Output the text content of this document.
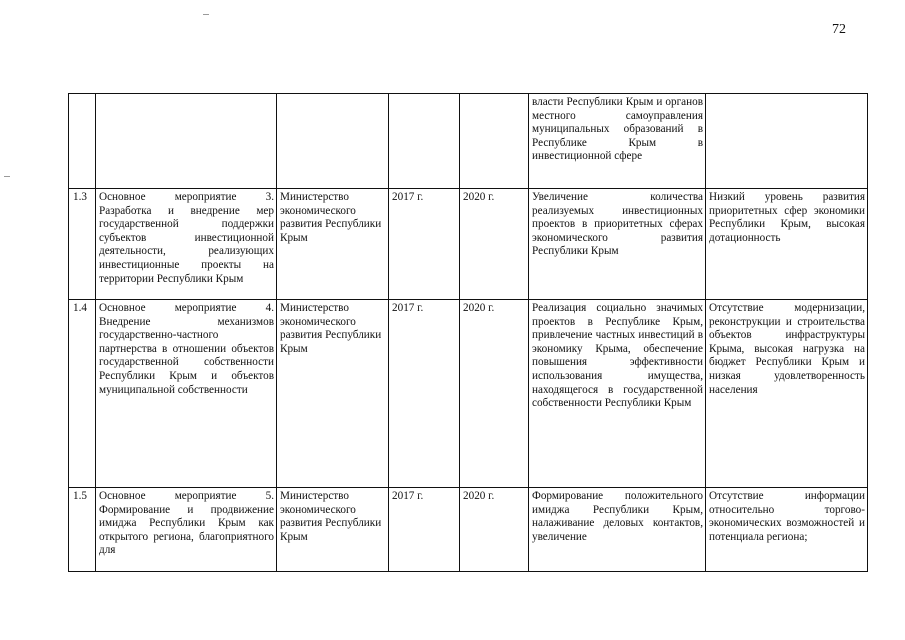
72
					власти Республики Крым и органов местного самоуправления муниципальных образований в Республике Крым в инвестиционной сфере	
1.3	Основное мероприятие 3. Разработка и внедрение мер государственной поддержки субъектов инвестиционной деятельности, реализующих инвестиционные проекты на территории Республики Крым	Министерство экономического развития Республики Крым	2017 г.	2020 г.	Увеличение количества реализуемых инвестиционных проектов в приоритетных сферах экономического развития Республики Крым	Низкий уровень развития приоритетных сфер экономики Республики Крым, высокая дотационность
1.4	Основное мероприятие 4. Внедрение механизмов государственно-частного партнерства в отношении объектов государственной собственности Республики Крым и объектов муниципальной собственности	Министерство экономического развития Республики Крым	2017 г.	2020 г.	Реализация социально значимых проектов в Республике Крым, привлечение частных инвестиций в экономику Крыма, обеспечение повышения эффективности использования имущества, находящегося в государственной собственности Республики Крым	Отсутствие модернизации, реконструкции и строительства объектов инфраструктуры Крыма, высокая нагрузка на бюджет Республики Крым и низкая удовлетворенность населения
1.5	Основное мероприятие 5. Формирование и продвижение имиджа Республики Крым как открытого региона, благоприятного для	Министерство экономического развития Республики Крым	2017 г.	2020 г.	Формирование положительного имиджа Республики Крым, налаживание деловых контактов, увеличение	Отсутствие информации относительно торгово-экономических возможностей и потенциала региона;
